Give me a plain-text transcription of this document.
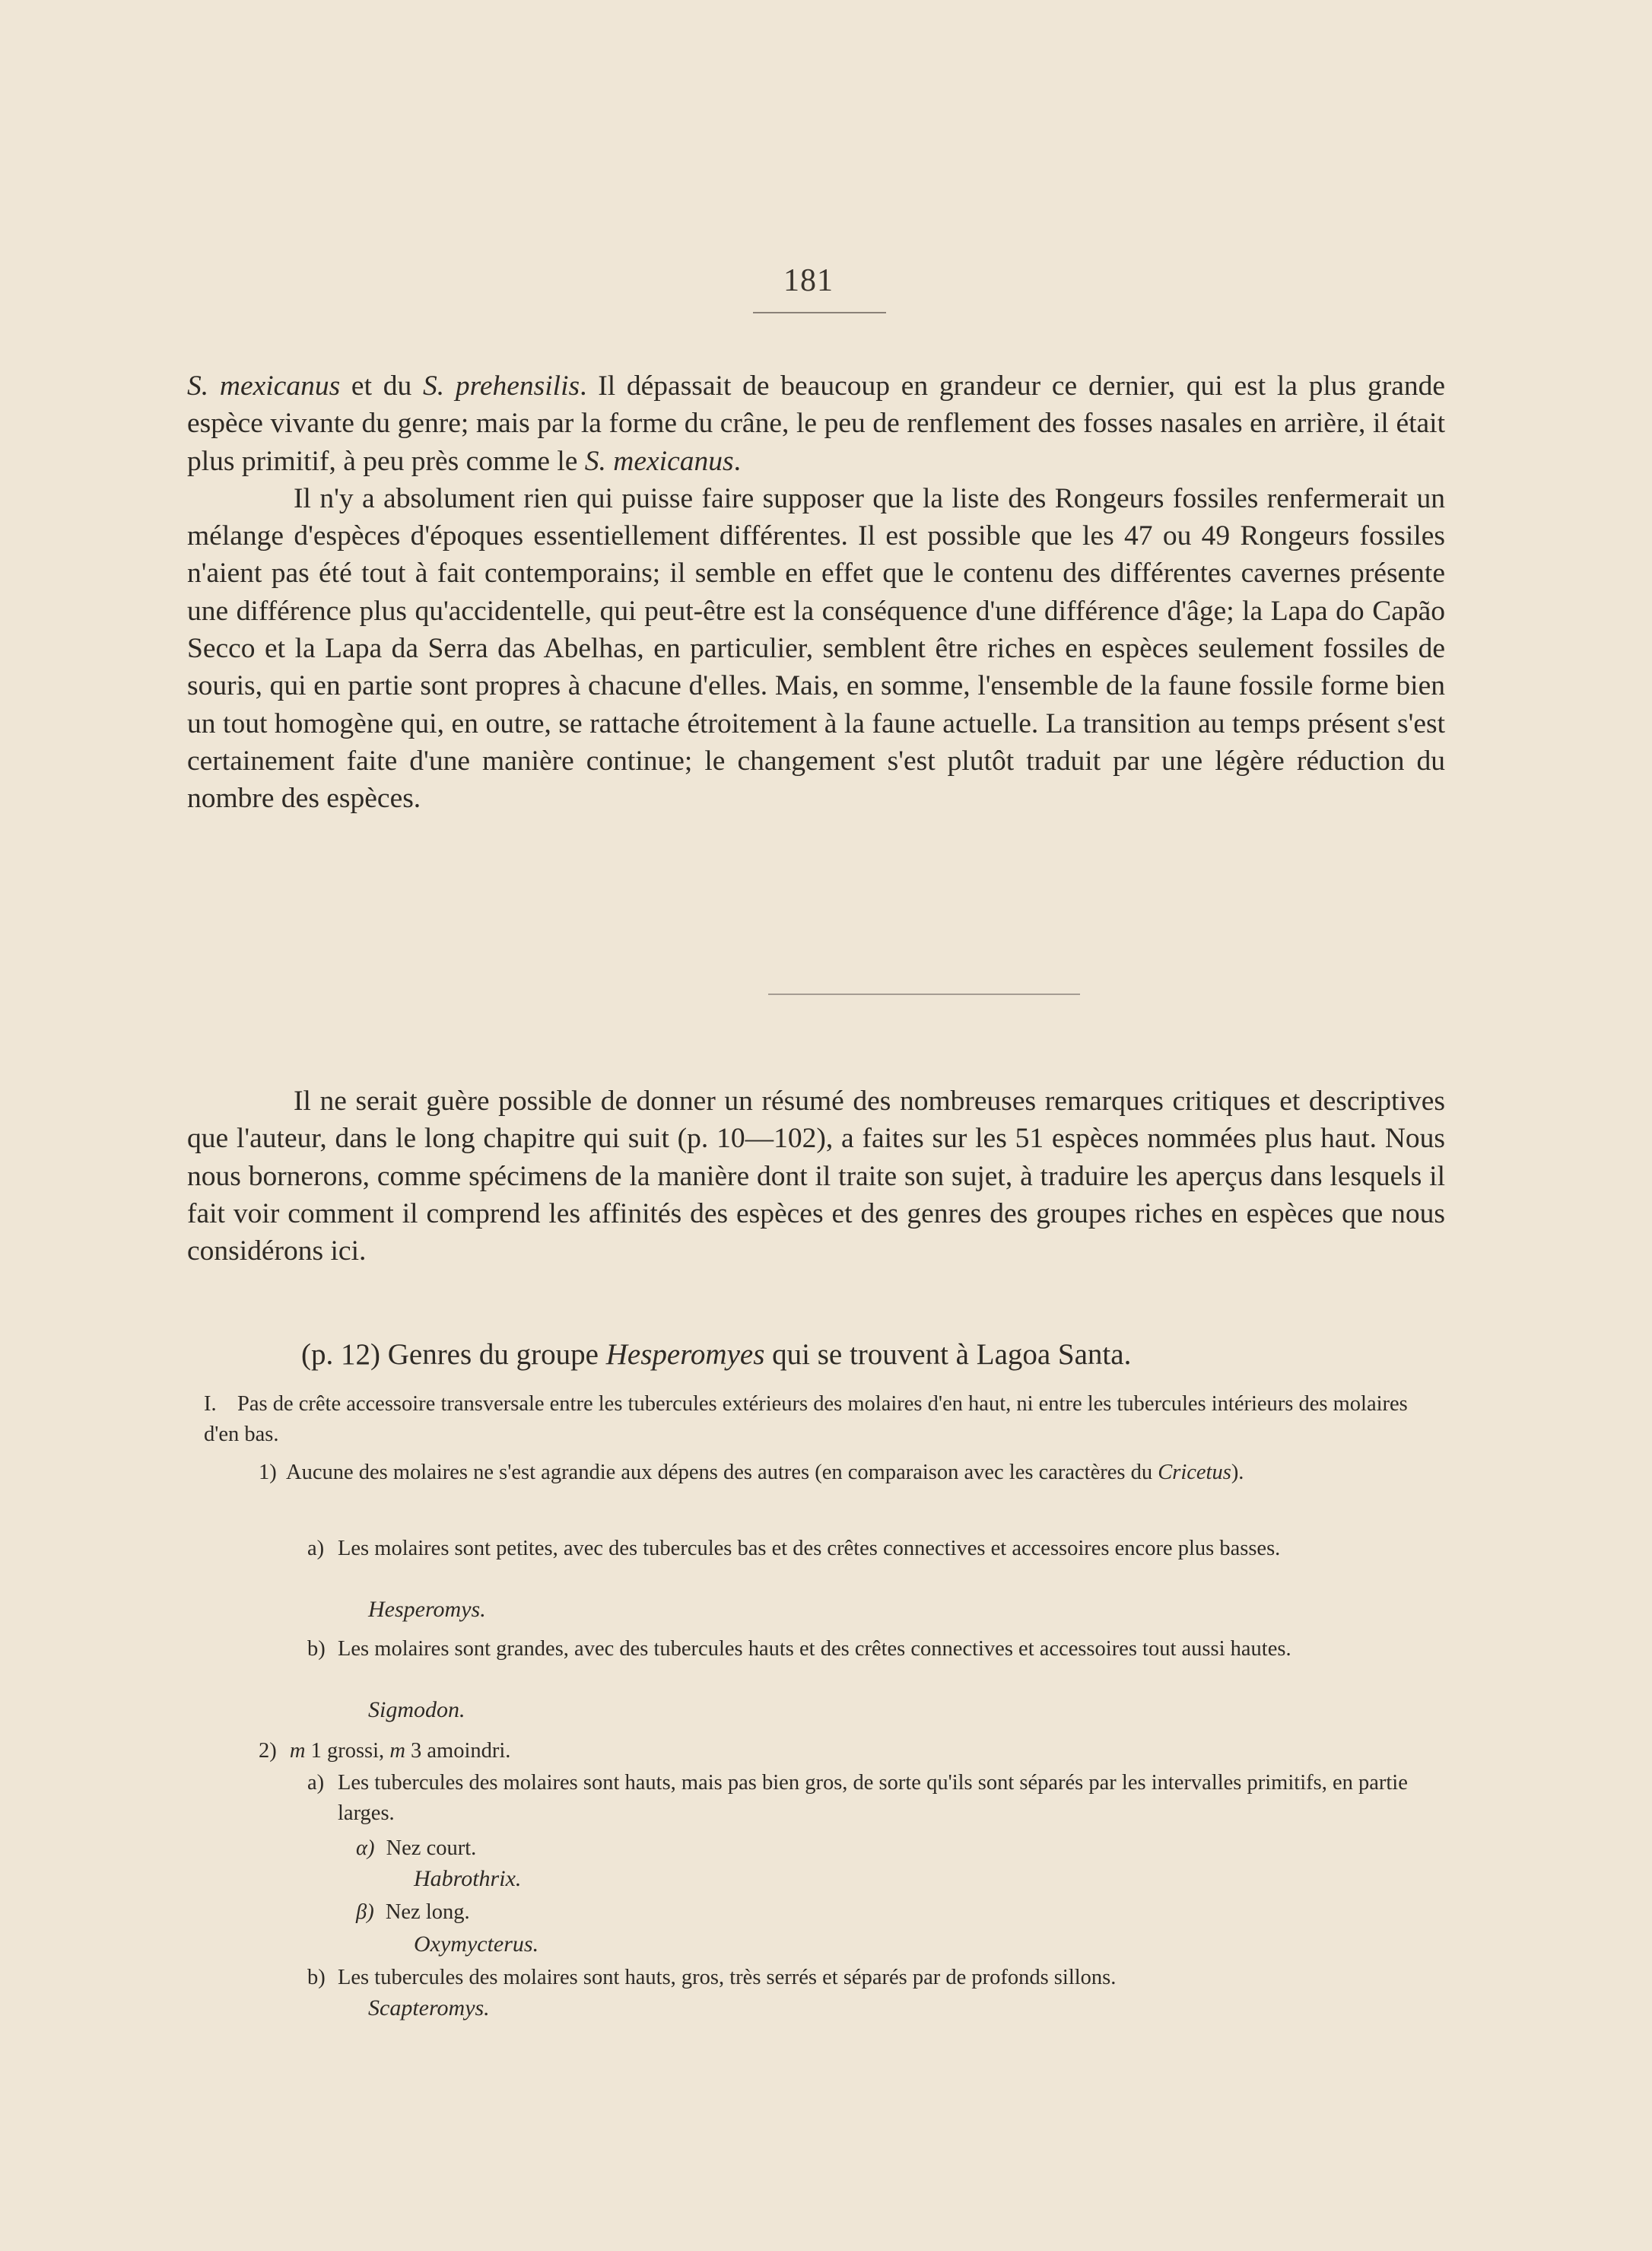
181

S. mexicanus et du S. prehensilis. Il dépassait de beaucoup en grandeur ce dernier, qui est la plus grande espèce vivante du genre; mais par la forme du crâne, le peu de renflement des fosses nasales en arrière, il était plus primitif, à peu près comme le S. mexicanus.

Il n'y a absolument rien qui puisse faire supposer que la liste des Rongeurs fossiles renfermerait un mélange d'espèces d'époques essentiellement différentes. Il est possible que les 47 ou 49 Rongeurs fossiles n'aient pas été tout à fait contemporains; il semble en effet que le contenu des différentes cavernes présente une différence plus qu'accidentelle, qui peut-être est la conséquence d'une différence d'âge; la Lapa do Capão Secco et la Lapa da Serra das Abelhas, en particulier, semblent être riches en espèces seulement fossiles de souris, qui en partie sont propres à chacune d'elles. Mais, en somme, l'ensemble de la faune fossile forme bien un tout homogène qui, en outre, se rattache étroitement à la faune actuelle. La transition au temps présent s'est certainement faite d'une manière continue; le changement s'est plutôt traduit par une légère réduction du nombre des espèces.

Il ne serait guère possible de donner un résumé des nombreuses remarques critiques et descriptives que l'auteur, dans le long chapitre qui suit (p. 10—102), a faites sur les 51 espèces nommées plus haut. Nous nous bornerons, comme spécimens de la manière dont il traite son sujet, à traduire les aperçus dans lesquels il fait voir comment il comprend les affinités des espèces et des genres des groupes riches en espèces que nous considérons ici.

(p. 12) Genres du groupe Hesperomyes qui se trouvent à Lagoa Santa.
I. Pas de crête accessoire transversale entre les tubercules extérieurs des molaires d'en haut, ni entre les tubercules intérieurs des molaires d'en bas.
1) Aucune des molaires ne s'est agrandie aux dépens des autres (en comparaison avec les caractères du Cricetus).
a) Les molaires sont petites, avec des tubercules bas et des crêtes connectives et accessoires encore plus basses.
Hesperomys.
b) Les molaires sont grandes, avec des tubercules hauts et des crêtes connectives et accessoires tout aussi hautes.
Sigmodon.
2) m 1 grossi, m 3 amoindri.
a) Les tubercules des molaires sont hauts, mais pas bien gros, de sorte qu'ils sont séparés par les intervalles primitifs, en partie larges.
α) Nez court.
Habrothrix.
β) Nez long.
Oxymycterus.
b) Les tubercules des molaires sont hauts, gros, très serrés et séparés par de profonds sillons.
Scapteromys.
